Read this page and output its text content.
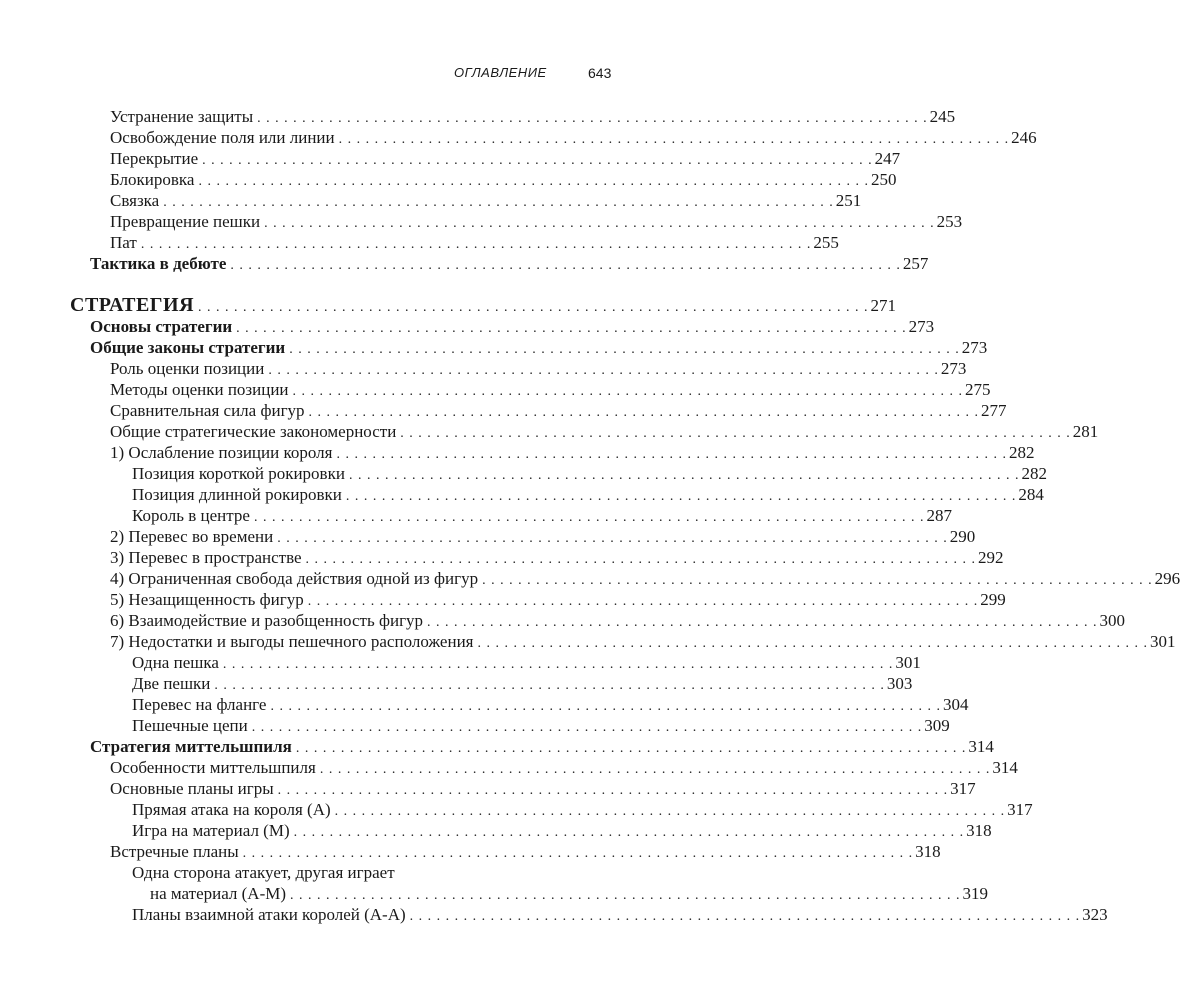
ОГЛАВЛЕНИЕ	643
Устранение защиты . . . . . . . . . . . . . . . . . . . . . . . . . . . . . . . . . . . . . . . . . . . . . . . . . . . . . . . . . . . . . . . . . . . . . . . . . . . 245
Освобождение поля или линии . . . . . . . . . . . . . . . . . . . . . . . . . . . . . . . . . . . . . . . . . . . . . . . . . . . . . . . . . . . . . . . . . . . . . . . . . . . 246
Перекрытие . . . . . . . . . . . . . . . . . . . . . . . . . . . . . . . . . . . . . . . . . . . . . . . . . . . . . . . . . . . . . . . . . . . . . . . . . . . 247
Блокировка . . . . . . . . . . . . . . . . . . . . . . . . . . . . . . . . . . . . . . . . . . . . . . . . . . . . . . . . . . . . . . . . . . . . . . . . . . . 250
Связка . . . . . . . . . . . . . . . . . . . . . . . . . . . . . . . . . . . . . . . . . . . . . . . . . . . . . . . . . . . . . . . . . . . . . . . . . . . 251
Превращение пешки . . . . . . . . . . . . . . . . . . . . . . . . . . . . . . . . . . . . . . . . . . . . . . . . . . . . . . . . . . . . . . . . . . . . . . . . . . . 253
Пат . . . . . . . . . . . . . . . . . . . . . . . . . . . . . . . . . . . . . . . . . . . . . . . . . . . . . . . . . . . . . . . . . . . . . . . . . . . 255
Тактика в дебюте . . . . . . . . . . . . . . . . . . . . . . . . . . . . . . . . . . . . . . . . . . . . . . . . . . . . . . . . . . . . . . . . . . . . . . . . . . . 257
СТРАТЕГИЯ . . . . . . . . . . . . . . . . . . . . . . . . . . . . . . . . . . . . . . . . . . . . . . . . . . . . . . . . . . . . . . . . . . . . . . . . . . . 271
Основы стратегии . . . . . . . . . . . . . . . . . . . . . . . . . . . . . . . . . . . . . . . . . . . . . . . . . . . . . . . . . . . . . . . . . . . . . . . . . . . 273
Общие законы стратегии . . . . . . . . . . . . . . . . . . . . . . . . . . . . . . . . . . . . . . . . . . . . . . . . . . . . . . . . . . . . . . . . . . . . . . . . . . . 273
Роль оценки позиции . . . . . . . . . . . . . . . . . . . . . . . . . . . . . . . . . . . . . . . . . . . . . . . . . . . . . . . . . . . . . . . . . . . . . . . . . . . 273
Методы оценки позиции . . . . . . . . . . . . . . . . . . . . . . . . . . . . . . . . . . . . . . . . . . . . . . . . . . . . . . . . . . . . . . . . . . . . . . . . . . . 275
Сравнительная сила фигур . . . . . . . . . . . . . . . . . . . . . . . . . . . . . . . . . . . . . . . . . . . . . . . . . . . . . . . . . . . . . . . . . . . . . . . . . . . 277
Общие стратегические закономерности . . . . . . . . . . . . . . . . . . . . . . . . . . . . . . . . . . . . . . . . . . . . . . . . . . . . . . . . . . . . . . . . . . . . . . . . . . . 281
1) Ослабление позиции короля . . . . . . . . . . . . . . . . . . . . . . . . . . . . . . . . . . . . . . . . . . . . . . . . . . . . . . . . . . . . . . . . . . . . . . . . . . . 282
Позиция короткой рокировки . . . . . . . . . . . . . . . . . . . . . . . . . . . . . . . . . . . . . . . . . . . . . . . . . . . . . . . . . . . . . . . . . . . . . . . . . . . 282
Позиция длинной рокировки . . . . . . . . . . . . . . . . . . . . . . . . . . . . . . . . . . . . . . . . . . . . . . . . . . . . . . . . . . . . . . . . . . . . . . . . . . . 284
Король в центре . . . . . . . . . . . . . . . . . . . . . . . . . . . . . . . . . . . . . . . . . . . . . . . . . . . . . . . . . . . . . . . . . . . . . . . . . . . 287
2) Перевес во времени . . . . . . . . . . . . . . . . . . . . . . . . . . . . . . . . . . . . . . . . . . . . . . . . . . . . . . . . . . . . . . . . . . . . . . . . . . . 290
3) Перевес в пространстве . . . . . . . . . . . . . . . . . . . . . . . . . . . . . . . . . . . . . . . . . . . . . . . . . . . . . . . . . . . . . . . . . . . . . . . . . . . 292
4) Ограниченная свобода действия одной из фигур . . . . . . . . . . . . . . . . . . . . . . . . . . . . . . . . . . . . . . . . . . . . . . . . . . . . . . . . . . . . . . . . . . . . . . . . . . . 296
5) Незащищенность фигур . . . . . . . . . . . . . . . . . . . . . . . . . . . . . . . . . . . . . . . . . . . . . . . . . . . . . . . . . . . . . . . . . . . . . . . . . . . 299
6) Взаимодействие и разобщенность фигур . . . . . . . . . . . . . . . . . . . . . . . . . . . . . . . . . . . . . . . . . . . . . . . . . . . . . . . . . . . . . . . . . . . . . . . . . . . 300
7) Недостатки и выгоды пешечного расположения . . . . . . . . . . . . . . . . . . . . . . . . . . . . . . . . . . . . . . . . . . . . . . . . . . . . . . . . . . . . . . . . . . . . . . . . . . . 301
Одна пешка . . . . . . . . . . . . . . . . . . . . . . . . . . . . . . . . . . . . . . . . . . . . . . . . . . . . . . . . . . . . . . . . . . . . . . . . . . . 301
Две пешки . . . . . . . . . . . . . . . . . . . . . . . . . . . . . . . . . . . . . . . . . . . . . . . . . . . . . . . . . . . . . . . . . . . . . . . . . . . 303
Перевес на фланге . . . . . . . . . . . . . . . . . . . . . . . . . . . . . . . . . . . . . . . . . . . . . . . . . . . . . . . . . . . . . . . . . . . . . . . . . . . 304
Пешечные цепи . . . . . . . . . . . . . . . . . . . . . . . . . . . . . . . . . . . . . . . . . . . . . . . . . . . . . . . . . . . . . . . . . . . . . . . . . . . 309
Стратегия миттельшпиля . . . . . . . . . . . . . . . . . . . . . . . . . . . . . . . . . . . . . . . . . . . . . . . . . . . . . . . . . . . . . . . . . . . . . . . . . . . 314
Особенности миттельшпиля . . . . . . . . . . . . . . . . . . . . . . . . . . . . . . . . . . . . . . . . . . . . . . . . . . . . . . . . . . . . . . . . . . . . . . . . . . . 314
Основные планы игры . . . . . . . . . . . . . . . . . . . . . . . . . . . . . . . . . . . . . . . . . . . . . . . . . . . . . . . . . . . . . . . . . . . . . . . . . . . 317
Прямая атака на короля (А) . . . . . . . . . . . . . . . . . . . . . . . . . . . . . . . . . . . . . . . . . . . . . . . . . . . . . . . . . . . . . . . . . . . . . . . . . . . 317
Игра на материал (М) . . . . . . . . . . . . . . . . . . . . . . . . . . . . . . . . . . . . . . . . . . . . . . . . . . . . . . . . . . . . . . . . . . . . . . . . . . . 318
Встречные планы . . . . . . . . . . . . . . . . . . . . . . . . . . . . . . . . . . . . . . . . . . . . . . . . . . . . . . . . . . . . . . . . . . . . . . . . . . . 318
Одна сторона атакует, другая играет
на материал (А-М) . . . . . . . . . . . . . . . . . . . . . . . . . . . . . . . . . . . . . . . . . . . . . . . . . . . . . . . . . . . . . . . . . . . . . . . . . . . 319
Планы взаимной атаки королей (А-А) . . . . . . . . . . . . . . . . . . . . . . . . . . . . . . . . . . . . . . . . . . . . . . . . . . . . . . . . . . . . . . . . . . . . . . . . . . . 323
